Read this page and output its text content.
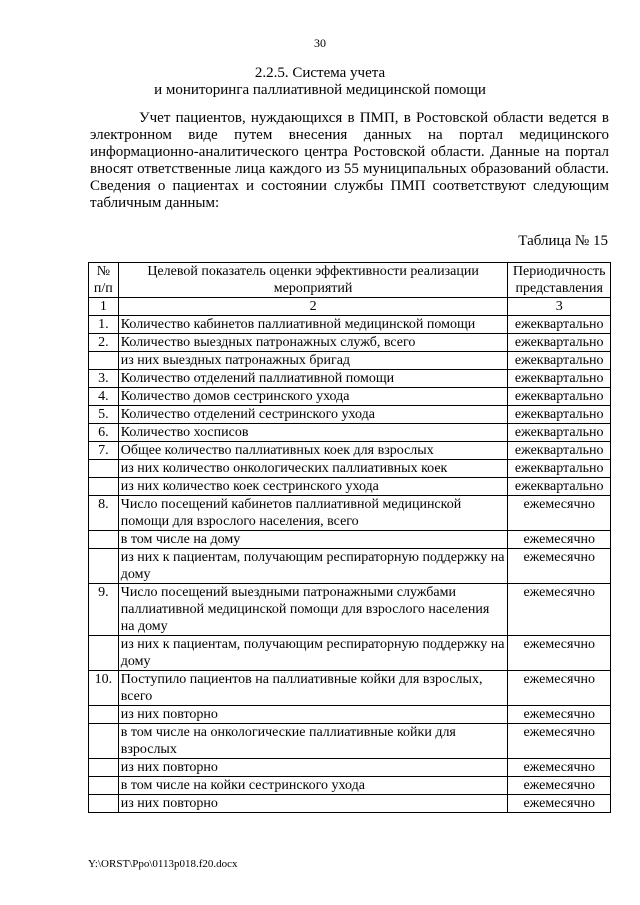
30
2.2.5. Система учета
и мониторинга паллиативной медицинской помощи

Учет пациентов, нуждающихся в ПМП, в Ростовской области ведется в электронном виде путем внесения данных на портал медицинского информационно-аналитического центра Ростовской области. Данные на портал вносят ответственные лица каждого из 55 муниципальных образований области. Сведения о пациентах и состоянии службы ПМП соответствуют следующим табличным данным:

Таблица № 15
№ п/п	Целевой показатель оценки эффективности реализации мероприятий	Периодичность представления
1	2	3
1.	Количество кабинетов паллиативной медицинской помощи	ежеквартально
2.	Количество выездных патронажных служб, всего	ежеквартально
	из них выездных патронажных бригад	ежеквартально
3.	Количество отделений паллиативной помощи	ежеквартально
4.	Количество домов сестринского ухода	ежеквартально
5.	Количество отделений сестринского ухода	ежеквартально
6.	Количество хосписов	ежеквартально
7.	Общее количество паллиативных коек для взрослых	ежеквартально
	из них количество онкологических паллиативных коек	ежеквартально
	из них количество коек сестринского ухода	ежеквартально
8.	Число посещений кабинетов паллиативной медицинской помощи для взрослого населения, всего	ежемесячно
	в том числе на дому	ежемесячно
	из них к пациентам, получающим респираторную поддержку на дому	ежемесячно
9.	Число посещений выездными патронажными службами паллиативной медицинской помощи для взрослого населения на дому	ежемесячно
	из них к пациентам, получающим респираторную поддержку на дому	ежемесячно
10.	Поступило пациентов на паллиативные койки для взрослых, всего	ежемесячно
	из них повторно	ежемесячно
	в том числе на онкологические паллиативные койки для взрослых	ежемесячно
	из них повторно	ежемесячно
	в том числе на койки сестринского ухода	ежемесячно
	из них повторно	ежемесячно
Y:\ORST\Ppo\0113p018.f20.docx
